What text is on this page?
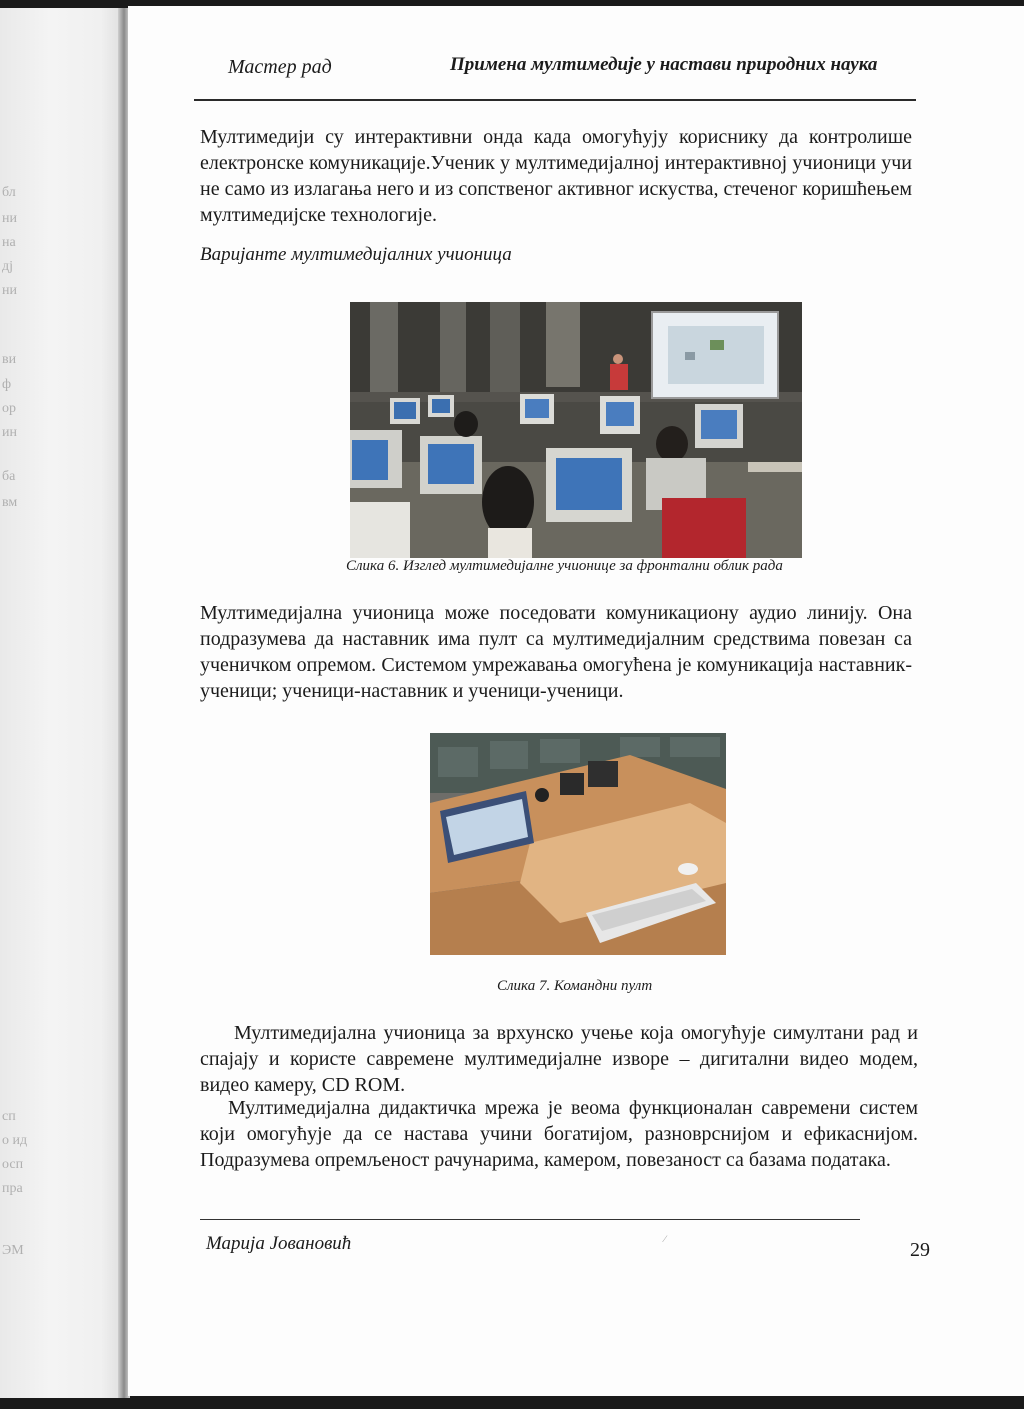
бл
ни
на
дј
ни
ви
ф
ор
ин
ба
вм
сп
о ид
осп
пра
ЭМ
Мастер рад	Примена мултимедије у настави природних наука

Мултимедији су интерактивни онда када омогућују кориснику да контролише електронске комуникације.Ученик у мултимедијалној интерактивној учионици учи не само из излагања него и из сопственог активног искуства, стеченог коришћењем мултимедијске технологије.

Варијанте мултимедијалних учионица
Слика 6. Изглед мултимедијалне учионице за фронтални облик рада

Мултимедијална учионица може поседовати комуникациону аудио линију. Она подразумева да наставник има пулт са мултимедијалним средствима повезан са ученичком опремом. Системом умрежавања омогућена је комуникација наставник-ученици; ученици-наставник и ученици-ученици.

Слика 7. Командни пулт

Мултимедијална учионица за врхунско учење која омогућује симултани рад и спајају и користе савремене мултимедијалне изворе – дигитални видео модем, видео камеру, CD ROM.

Мултимедијална дидактичка мрежа је веома функционалан савремени систем који омогућује да се настава учини богатијом, разноврснијом и ефикаснијом. Подразумева опремљеност рачунарима, камером, повезаност са базама података.

Марија Јовановић	∕	29
